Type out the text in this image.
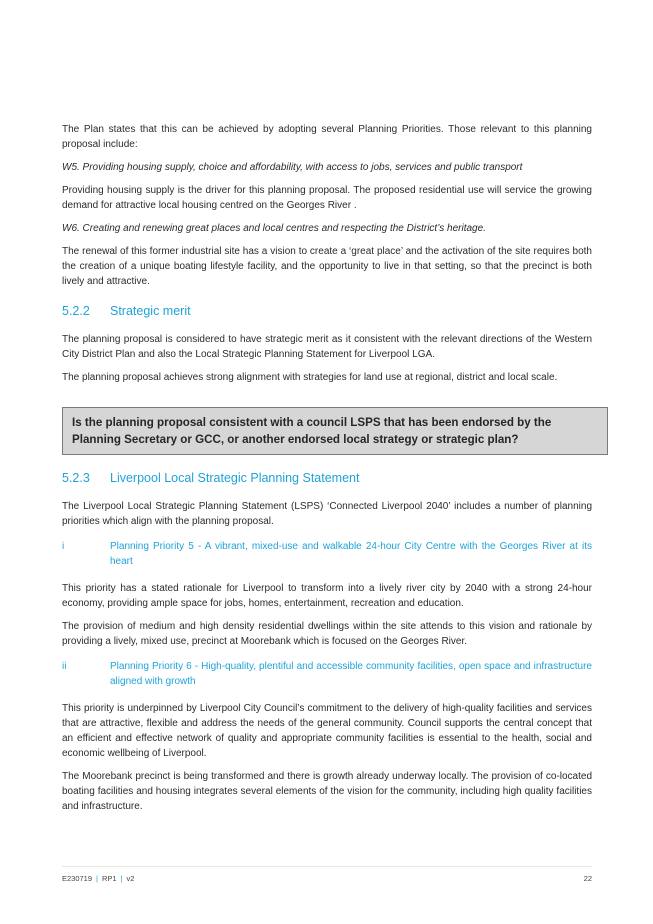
The Plan states that this can be achieved by adopting several Planning Priorities. Those relevant to this planning proposal include:

W5. Providing housing supply, choice and affordability, with access to jobs, services and public transport

Providing housing supply is the driver for this planning proposal. The proposed residential use will service the growing demand for attractive local housing centred on the Georges River .

W6. Creating and renewing great places and local centres and respecting the District’s heritage.

The renewal of this former industrial site has a vision to create a ‘great place’ and the activation of the site requires both the creation of a unique boating lifestyle facility, and the opportunity to live in that setting, so that the precinct is both lively and attractive.

5.2.2 Strategic merit

The planning proposal is considered to have strategic merit as it consistent with the relevant directions of the Western City District Plan and also the Local Strategic Planning Statement for Liverpool LGA.

The planning proposal achieves strong alignment with strategies for land use at regional, district and local scale.

Is the planning proposal consistent with a council LSPS that has been endorsed by the Planning Secretary or GCC, or another endorsed local strategy or strategic plan?
5.2.3 Liverpool Local Strategic Planning Statement

The Liverpool Local Strategic Planning Statement (LSPS) ‘Connected Liverpool 2040’ includes a number of planning priorities which align with the planning proposal.

i	Planning Priority 5 - A vibrant, mixed-use and walkable 24-hour City Centre with the Georges River at its heart

This priority has a stated rationale for Liverpool to transform into a lively river city by 2040 with a strong 24-hour economy, providing ample space for jobs, homes, entertainment, recreation and education.

The provision of medium and high density residential dwellings within the site attends to this vision and rationale by providing a lively, mixed use, precinct at Moorebank which is focused on the Georges River.

ii	Planning Priority 6 - High-quality, plentiful and accessible community facilities, open space and infrastructure aligned with growth

This priority is underpinned by Liverpool City Council’s commitment to the delivery of high-quality facilities and services that are attractive, flexible and address the needs of the general community. Council supports the central concept that an efficient and effective network of quality and appropriate community facilities is essential to the health, social and economic wellbeing of Liverpool.

The Moorebank precinct is being transformed and there is growth already underway locally. The provision of co-located boating facilities and housing integrates several elements of the vision for the community, including high quality facilities and infrastructure.

E230719 | RP1 | v2	22
